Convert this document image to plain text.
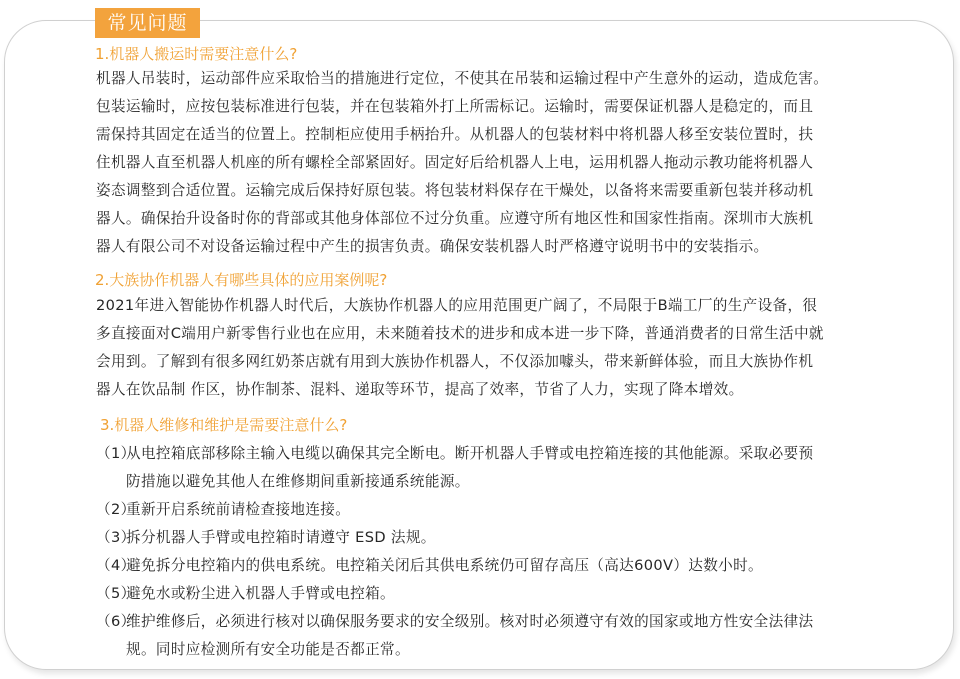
常见问题
1.机器人搬运时需要注意什么?
机器人吊装时，运动部件应采取恰当的措施进行定位，不使其在吊装和运输过程中产生意外的运动，造成危害。
包装运输时，应按包装标准进行包装，并在包装箱外打上所需标记。运输时，需要保证机器人是稳定的，而且
需保持其固定在适当的位置上。控制柜应使用手柄抬升。从机器人的包装材料中将机器人移至安装位置时，扶
住机器人直至机器人机座的所有螺栓全部紧固好。固定好后给机器人上电，运用机器人拖动示教功能将机器人
姿态调整到合适位置。运输完成后保持好原包装。将包装材料保存在干燥处，以备将来需要重新包装并移动机
器人。确保抬升设备时你的背部或其他身体部位不过分负重。应遵守所有地区性和国家性指南。深圳市大族机
器人有限公司不对设备运输过程中产生的损害负责。确保安装机器人时严格遵守说明书中的安装指示。
2.大族协作机器人有哪些具体的应用案例呢?
2021年进入智能协作机器人时代后，大族协作机器人的应用范围更广阔了，不局限于B端工厂的生产设备，很
多直接面对C端用户新零售行业也在应用，未来随着技术的进步和成本进一步下降，普通消费者的日常生活中就
会用到。了解到有很多网红奶茶店就有用到大族协作机器人，不仅添加噱头，带来新鲜体验，而且大族协作机
器人在饮品制 作区，协作制茶、混料、递取等环节，提高了效率，节省了人力，实现了降本增效。
3.机器人维修和维护是需要注意什么?
（1）
从电控箱底部移除主输入电缆以确保其完全断电。断开机器人手臂或电控箱连接的其他能源。采取必要预
防措施以避免其他人在维修期间重新接通系统能源。
（2）
重新开启系统前请检查接地连接。
（3）
拆分机器人手臂或电控箱时请遵守 ESD 法规。
（4）
避免拆分电控箱内的供电系统。电控箱关闭后其供电系统仍可留存高压（高达600V）达数小时。
（5）
避免水或粉尘进入机器人手臂或电控箱。
（6）
维护维修后，必须进行核对以确保服务要求的安全级别。核对时必须遵守有效的国家或地方性安全法律法
规。同时应检测所有安全功能是否都正常。
